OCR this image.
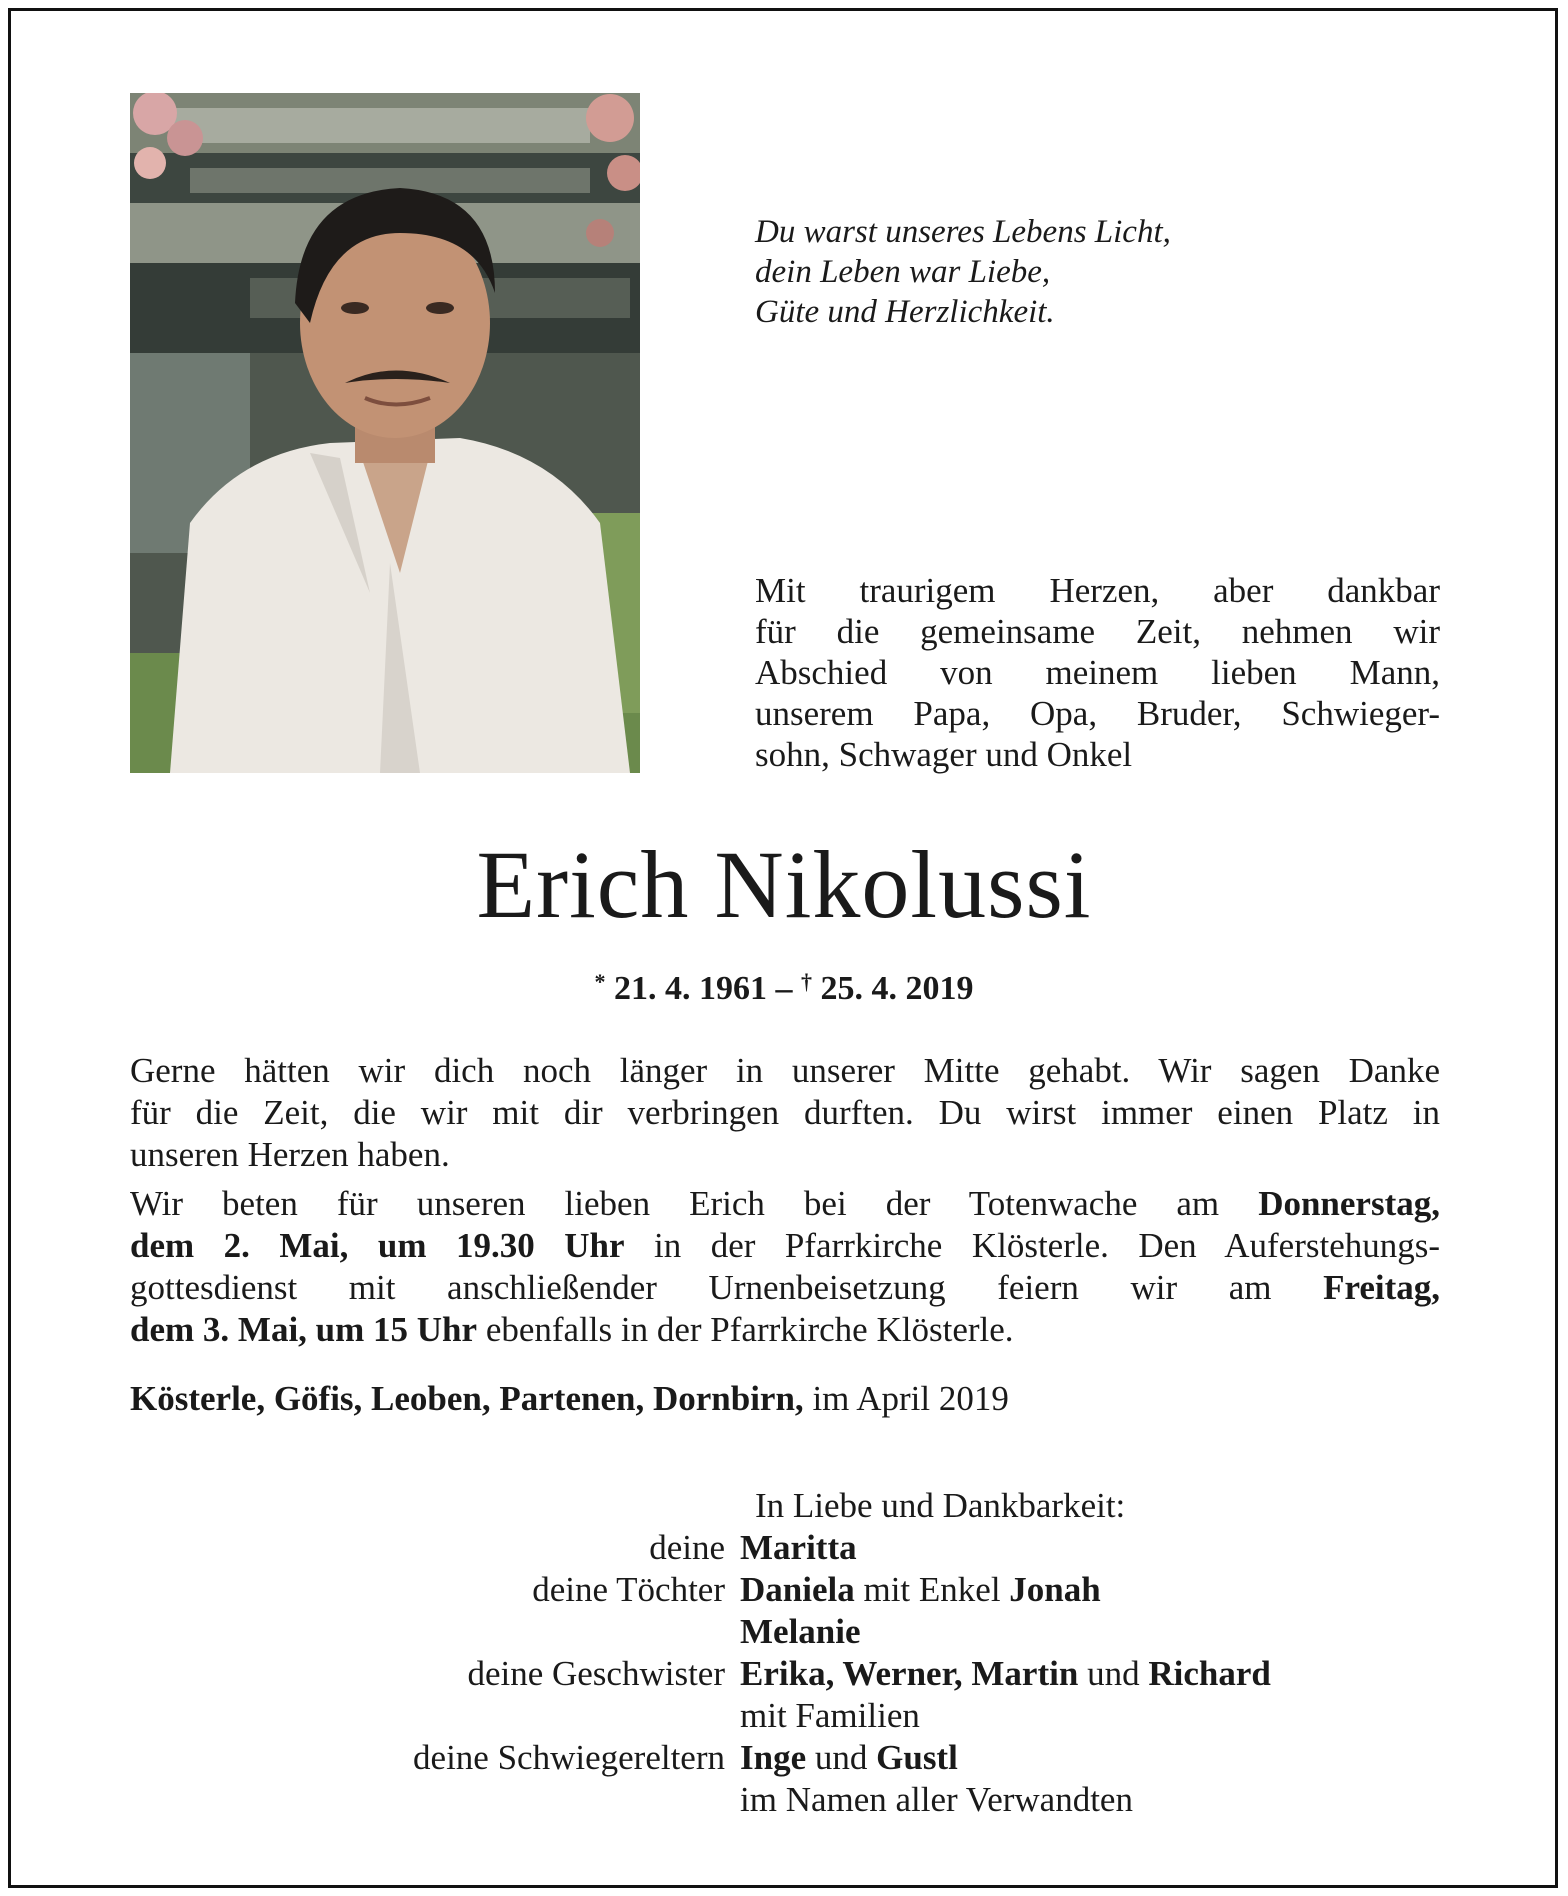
Du warst unseres Lebens Licht,
dein Leben war Liebe,
Güte und Herzlichkeit.
Mit traurigem Herzen, aber dankbar
für die gemeinsame Zeit, nehmen wir
Abschied von meinem lieben Mann,
unserem Papa, Opa, Bruder, Schwieger-
sohn, Schwager und Onkel
Erich Nikolussi
* 21. 4. 1961 – † 25. 4. 2019
Gerne hätten wir dich noch länger in unserer Mitte gehabt. Wir sagen Danke
für die Zeit, die wir mit dir verbringen durften. Du wirst immer einen Platz in
unseren Herzen haben.
Wir beten für unseren lieben Erich bei der Totenwache am Donnerstag,
dem 2. Mai, um 19.30 Uhr in der Pfarrkirche Klösterle. Den Auferstehungs-
gottesdienst mit anschließender Urnenbeisetzung feiern wir am Freitag,
dem 3. Mai, um 15 Uhr ebenfalls in der Pfarrkirche Klösterle.
Kösterle, Göfis, Leoben, Partenen, Dornbirn, im April 2019
In Liebe und Dankbarkeit:
deine Maritta
deine Töchter Daniela mit Enkel Jonah
Melanie
deine Geschwister Erika, Werner, Martin und Richard
mit Familien
deine Schwiegereltern Inge und Gustl
im Namen aller Verwandten
